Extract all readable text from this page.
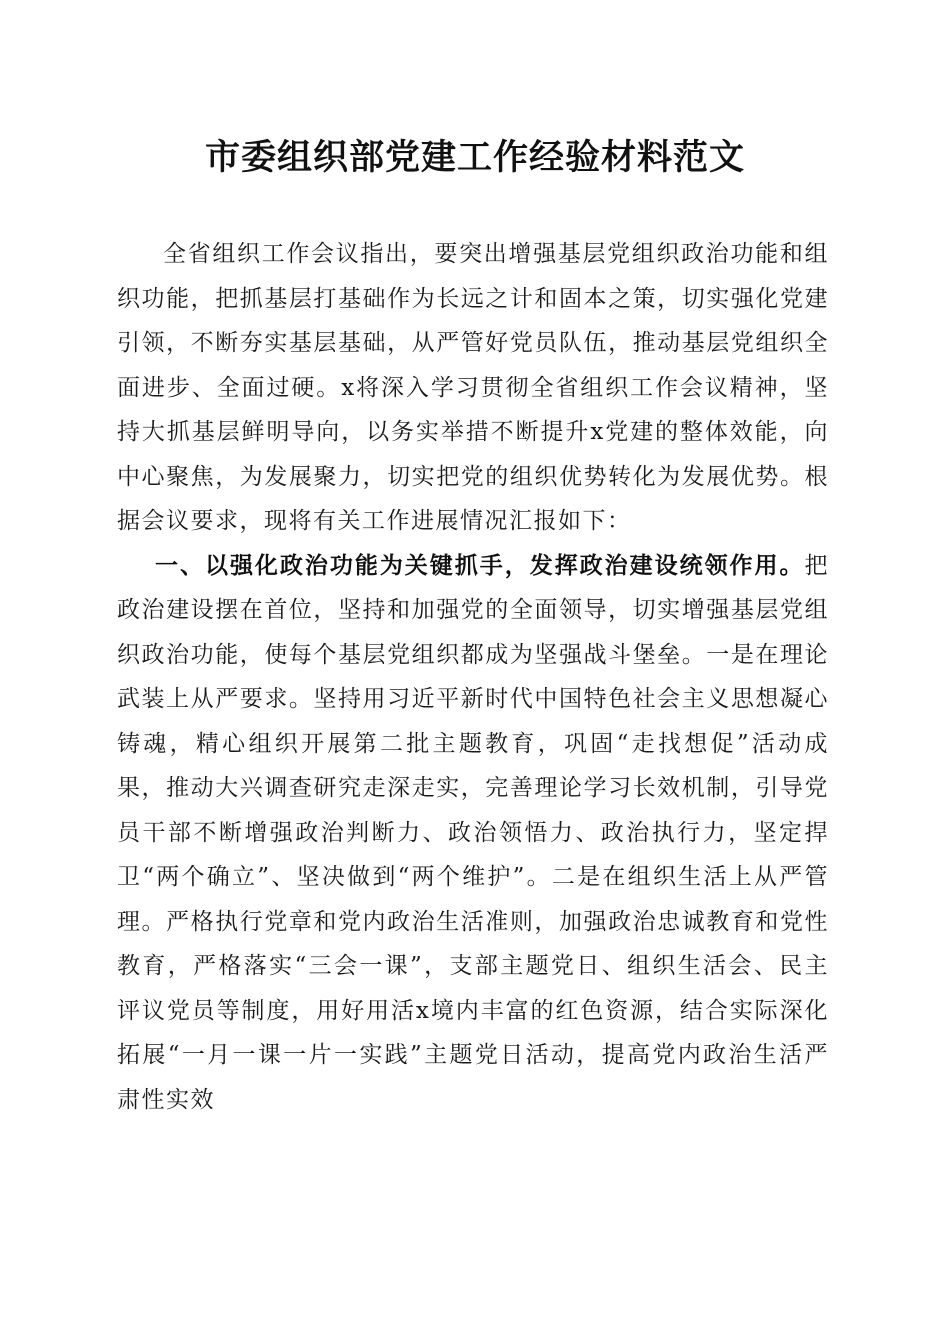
市委组织部党建工作经验材料范文

全省组织工作会议指出，要突出增强基层党组织政治功能和组织功能，把抓基层打基础作为长远之计和固本之策，切实强化党建引领，不断夯实基层基础，从严管好党员队伍，推动基层党组织全面进步、全面过硬。x将深入学习贯彻全省组织工作会议精神，坚持大抓基层鲜明导向，以务实举措不断提升x党建的整体效能，向中心聚焦，为发展聚力，切实把党的组织优势转化为发展优势。根据会议要求，现将有关工作进展情况汇报如下：

一、以强化政治功能为关键抓手，发挥政治建设统领作用。把政治建设摆在首位，坚持和加强党的全面领导，切实增强基层党组织政治功能，使每个基层党组织都成为坚强战斗堡垒。一是在理论武装上从严要求。坚持用习近平新时代中国特色社会主义思想凝心铸魂，精心组织开展第二批主题教育，巩固“走找想促”活动成果，推动大兴调查研究走深走实，完善理论学习长效机制，引导党员干部不断增强政治判断力、政治领悟力、政治执行力，坚定捍卫“两个确立”、坚决做到“两个维护”。二是在组织生活上从严管理。严格执行党章和党内政治生活准则，加强政治忠诚教育和党性教育，严格落实“三会一课”，支部主题党日、组织生活会、民主评议党员等制度，用好用活x境内丰富的红色资源，结合实际深化拓展“一月一课一片一实践”主题党日活动，提高党内政治生活严肃性实效
